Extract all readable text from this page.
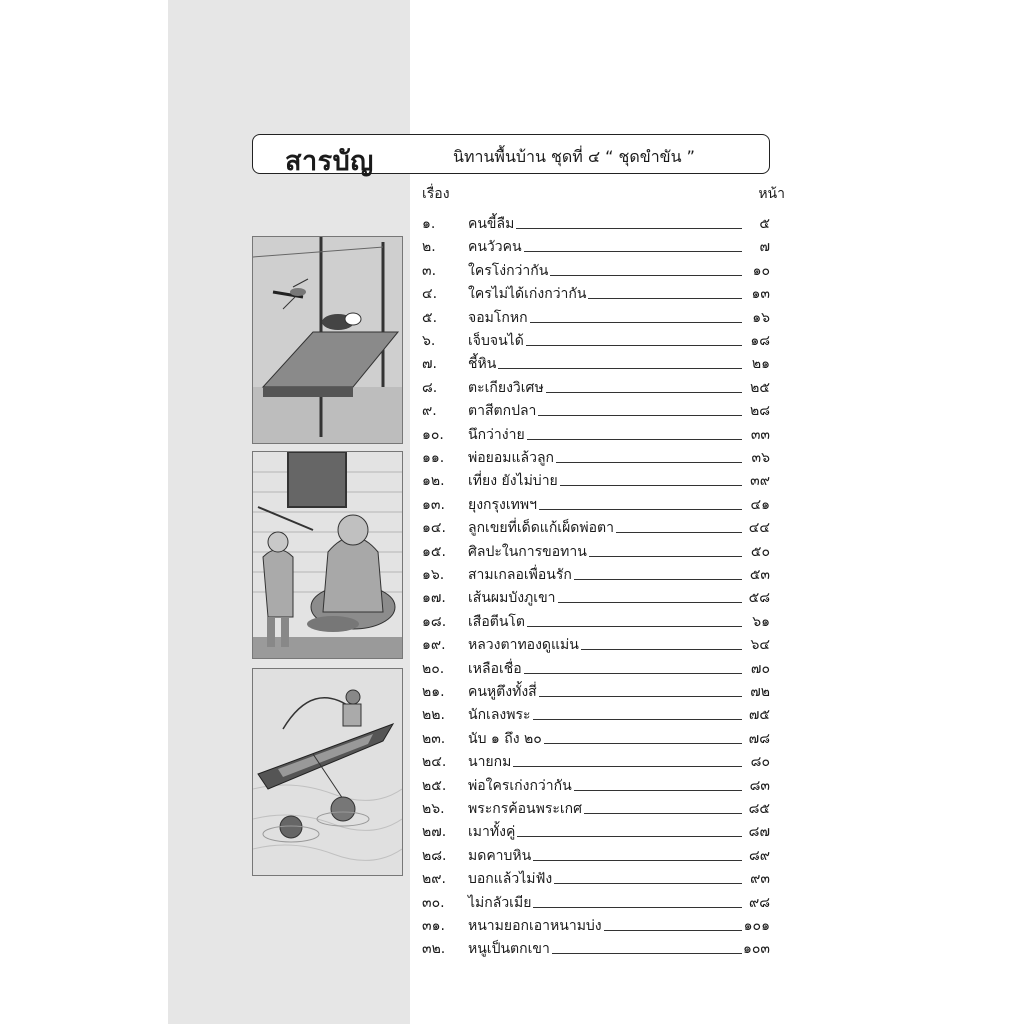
สารบัญ	นิทานพื้นบ้าน ชุดที่ ๔ “ ชุดขำขัน ”
เรื่อง	หน้า
๑.	คนขี้ลืม	๕
๒.	คนวัวคน	๗
๓.	ใครโง่กว่ากัน	๑๐
๔.	ใครไม่ได้เก่งกว่ากัน	๑๓
๕.	จอมโกหก	๑๖
๖.	เจ็บจนได้	๑๘
๗.	ชี้หิน	๒๑
๘.	ตะเกียงวิเศษ	๒๕
๙.	ตาสีตกปลา	๒๘
๑๐.	นึกว่าง่าย	๓๓
๑๑.	พ่อยอมแล้วลูก	๓๖
๑๒.	เที่ยง ยังไม่บ่าย	๓๙
๑๓.	ยุงกรุงเทพฯ	๔๑
๑๔.	ลูกเขยที่เด็ดแก้เผ็ดพ่อตา	๔๔
๑๕.	ศิลปะในการขอทาน	๕๐
๑๖.	สามเกลอเพื่อนรัก	๕๓
๑๗.	เส้นผมบังภูเขา	๕๘
๑๘.	เสือตีนโต	๖๑
๑๙.	หลวงตาทองดูแม่น	๖๔
๒๐.	เหลือเชื่อ	๗๐
๒๑.	คนหูตึงทั้งสี่	๗๒
๒๒.	นักเลงพระ	๗๕
๒๓.	นับ ๑ ถึง ๒๐	๗๘
๒๔.	นายกม	๘๐
๒๕.	พ่อใครเก่งกว่ากัน	๘๓
๒๖.	พระกรค้อนพระเกศ	๘๕
๒๗.	เมาทั้งคู่	๘๗
๒๘.	มดคาบหิน	๘๙
๒๙.	บอกแล้วไม่ฟัง	๙๓
๓๐.	ไม่กลัวเมีย	๙๘
๓๑.	หนามยอกเอาหนามบ่ง	๑๐๑
๓๒.	หนูเป็นตกเขา	๑๐๓
